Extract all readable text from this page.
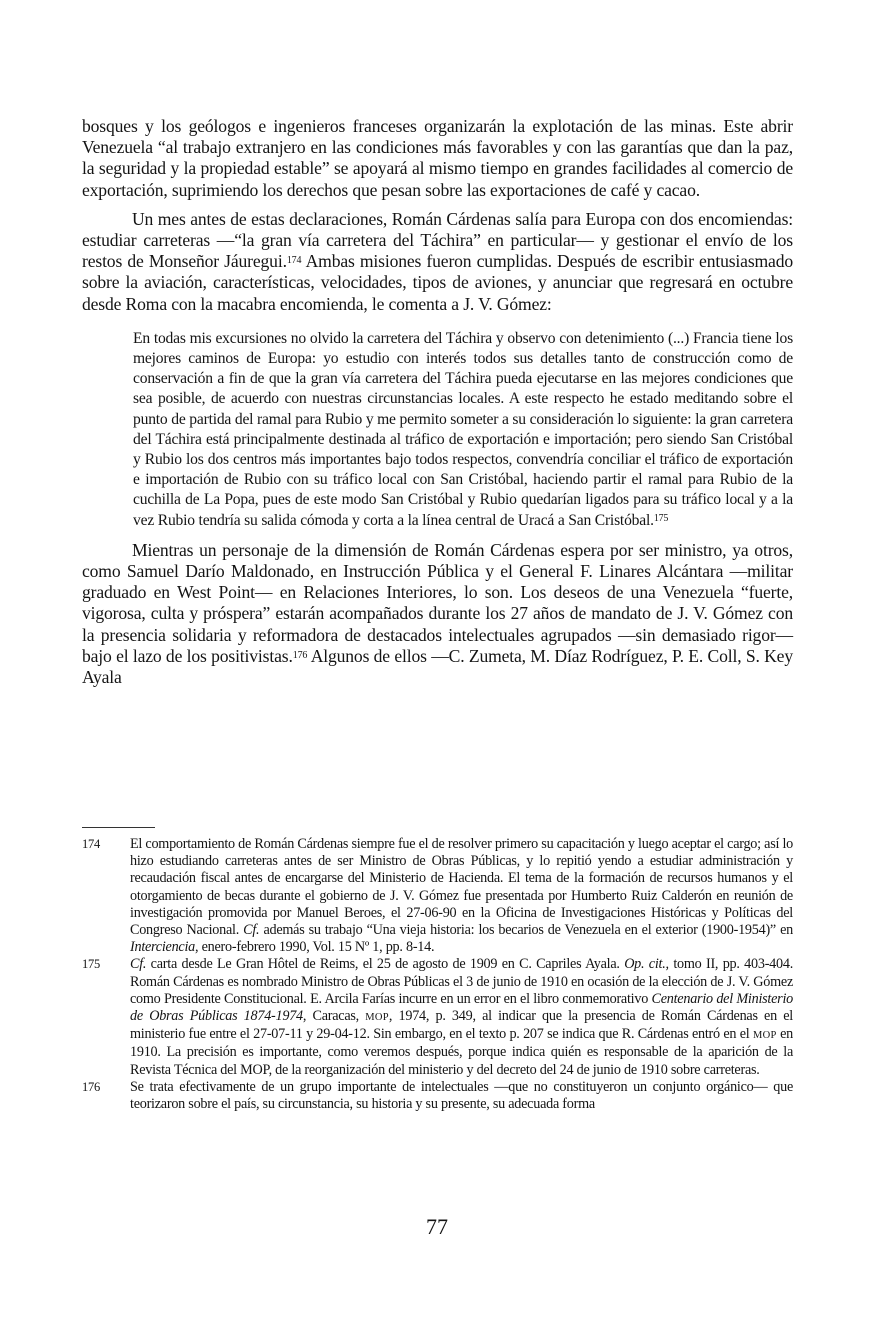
bosques y los geólogos e ingenieros franceses organizarán la explotación de las minas. Este abrir Venezuela “al trabajo extranjero en las condiciones más favorables y con las garantías que dan la paz, la seguridad y la propiedad estable” se apoyará al mismo tiempo en grandes facilidades al comercio de exportación, suprimiendo los derechos que pesan sobre las exportaciones de café y cacao.

Un mes antes de estas declaraciones, Román Cárdenas salía para Europa con dos encomiendas: estudiar carreteras —“la gran vía carretera del Táchira” en particular— y gestionar el envío de los restos de Monseñor Jáuregui.$^{174}$ Ambas misiones fueron cumplidas. Después de escribir entusiasmado sobre la aviación, características, velocidades, tipos de aviones, y anunciar que regresará en octubre desde Roma con la macabra encomienda, le comenta a J. V. Gómez:

En todas mis excursiones no olvido la carretera del Táchira y observo con detenimiento (...) Francia tiene los mejores caminos de Europa: yo estudio con interés todos sus detalles tanto de construcción como de conservación a fin de que la gran vía carretera del Táchira pueda ejecutarse en las mejores condiciones que sea posible, de acuerdo con nuestras circunstancias locales. A este respecto he estado meditando sobre el punto de partida del ramal para Rubio y me permito someter a su consideración lo siguiente: la gran carretera del Táchira está principalmente destinada al tráfico de exportación e importación; pero siendo San Cristóbal y Rubio los dos centros más importantes bajo todos respectos, convendría conciliar el tráfico de exportación e importación de Rubio con su tráfico local con San Cristóbal, haciendo partir el ramal para Rubio de la cuchilla de La Popa, pues de este modo San Cristóbal y Rubio quedarían ligados para su tráfico local y a la vez Rubio tendría su salida cómoda y corta a la línea central de Uracá a San Cristóbal.$^{175}$

Mientras un personaje de la dimensión de Román Cárdenas espera por ser ministro, ya otros, como Samuel Darío Maldonado, en Instrucción Pública y el General F. Linares Alcántara —militar graduado en West Point— en Relaciones Interiores, lo son. Los deseos de una Venezuela “fuerte, vigorosa, culta y próspera” estarán acompañados durante los 27 años de mandato de J. V. Gómez con la presencia solidaria y reformadora de destacados intelectuales agrupados —sin demasiado rigor— bajo el lazo de los positivistas.$^{176}$ Algunos de ellos —C. Zumeta, M. Díaz Rodríguez, P. E. Coll, S. Key Ayala

174	El comportamiento de Román Cárdenas siempre fue el de resolver primero su capacitación y luego aceptar el cargo; así lo hizo estudiando carreteras antes de ser Ministro de Obras Públicas, y lo repitió yendo a estudiar administración y recaudación fiscal antes de encargarse del Ministerio de Hacienda. El tema de la formación de recursos humanos y el otorgamiento de becas durante el gobierno de J. V. Gómez fue presentada por Humberto Ruiz Calderón en reunión de investigación promovida por Manuel Beroes, el 27-06-90 en la Oficina de Investigaciones Históricas y Políticas del Congreso Nacional. Cf. además su trabajo “Una vieja historia: los becarios de Venezuela en el exterior (1900-1954)” en Interciencia, enero-febrero 1990, Vol. 15 Nº 1, pp. 8-14.
175	Cf. carta desde Le Gran Hôtel de Reims, el 25 de agosto de 1909 en C. Capriles Ayala. Op. cit., tomo II, pp. 403-404. Román Cárdenas es nombrado Ministro de Obras Públicas el 3 de junio de 1910 en ocasión de la elección de J. V. Gómez como Presidente Constitucional. E. Arcila Farías incurre en un error en el libro conmemorativo Centenario del Ministerio de Obras Públicas 1874-1974, Caracas, MOP, 1974, p. 349, al indicar que la presencia de Román Cárdenas en el ministerio fue entre el 27-07-11 y 29-04-12. Sin embargo, en el texto p. 207 se indica que R. Cárdenas entró en el MOP en 1910. La precisión es importante, como veremos después, porque indica quién es responsable de la aparición de la Revista Técnica del MOP, de la reorganización del ministerio y del decreto del 24 de junio de 1910 sobre carreteras.
176	Se trata efectivamente de un grupo importante de intelectuales —que no constituyeron un conjunto orgánico— que teorizaron sobre el país, su circunstancia, su historia y su presente, su adecuada forma
77
